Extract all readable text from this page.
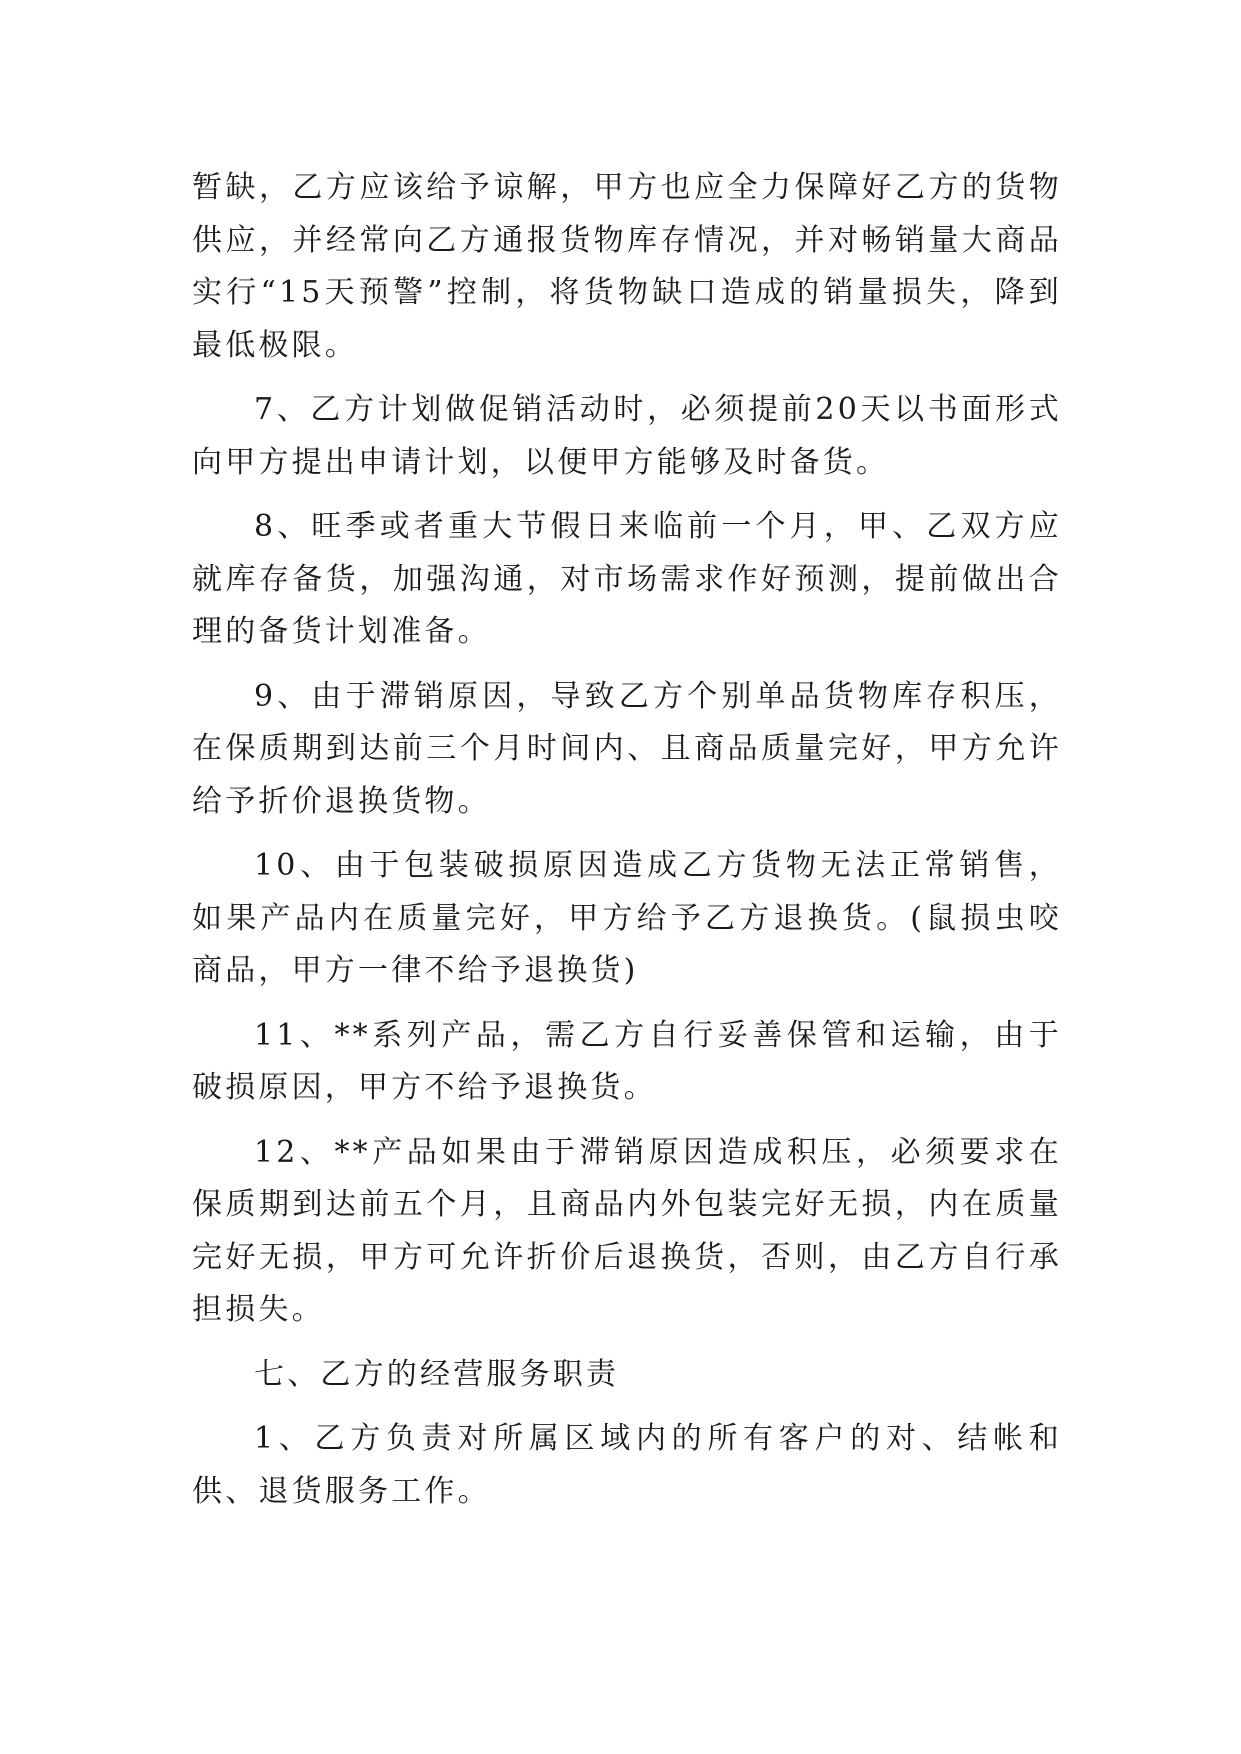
暂缺，乙方应该给予谅解，甲方也应全力保障好乙方的货物供应，并经常向乙方通报货物库存情况，并对畅销量大商品实行“15天预警”控制，将货物缺口造成的销量损失，降到最低极限。

7、乙方计划做促销活动时，必须提前20天以书面形式向甲方提出申请计划，以便甲方能够及时备货。

8、旺季或者重大节假日来临前一个月，甲、乙双方应就库存备货，加强沟通，对市场需求作好预测，提前做出合理的备货计划准备。

9、由于滞销原因，导致乙方个别单品货物库存积压，在保质期到达前三个月时间内、且商品质量完好，甲方允许给予折价退换货物。

10、由于包装破损原因造成乙方货物无法正常销售，如果产品内在质量完好，甲方给予乙方退换货。(鼠损虫咬商品，甲方一律不给予退换货)

11、**系列产品，需乙方自行妥善保管和运输，由于破损原因，甲方不给予退换货。

12、**产品如果由于滞销原因造成积压，必须要求在保质期到达前五个月，且商品内外包装完好无损，内在质量完好无损，甲方可允许折价后退换货，否则，由乙方自行承担损失。

七、乙方的经营服务职责

1、乙方负责对所属区域内的所有客户的对、结帐和供、退货服务工作。
